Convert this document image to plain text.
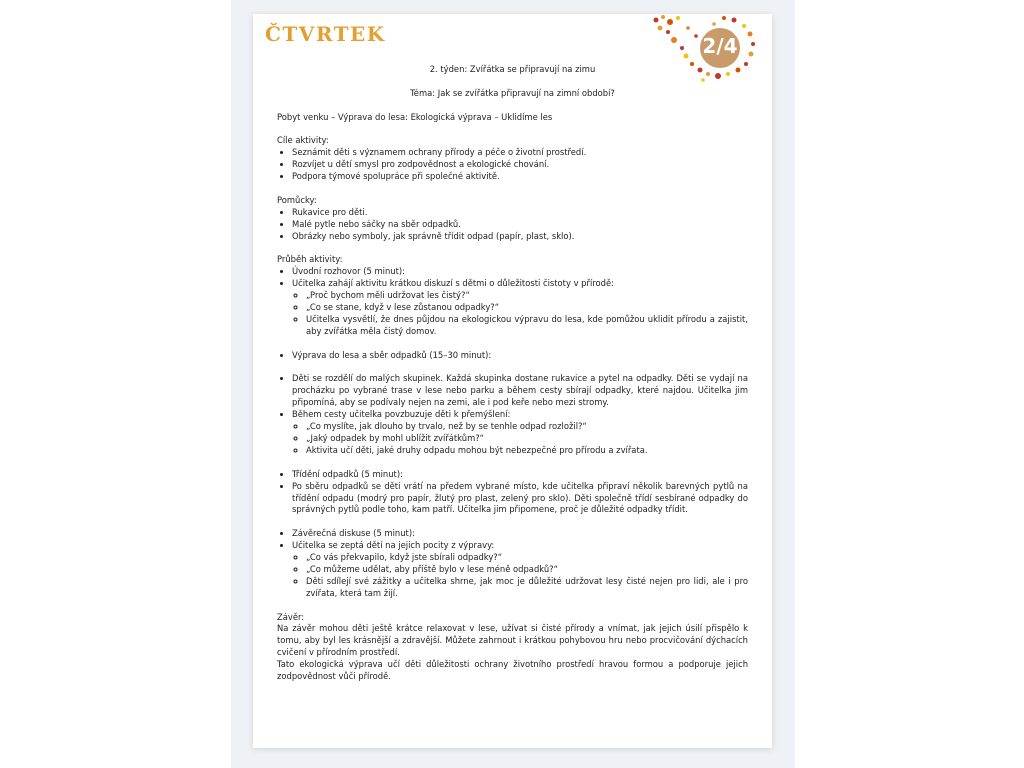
ČTVRTEK	2/4

2. týden: Zvířátka se připravují na zimu

Téma: Jak se zvířátka připravují na zimní období?

Pobyt venku – Výprava do lesa: Ekologická výprava – Uklidíme les

Cíle aktivity:

• Seznámit děti s významem ochrany přírody a péče o životní prostředí.
• Rozvíjet u dětí smysl pro zodpovědnost a ekologické chování.
• Podpora týmové spolupráce při společné aktivitě.

Pomůcky:

• Rukavice pro děti.
• Malé pytle nebo sáčky na sběr odpadků.
• Obrázky nebo symboly, jak správně třídit odpad (papír, plast, sklo).

Průběh aktivity:

• Úvodní rozhovor (5 minut):
• Učitelka zahájí aktivitu krátkou diskuzí s dětmi o důležitosti čistoty v přírodě:
◦ „Proč bychom měli udržovat les čistý?“
◦ „Co se stane, když v lese zůstanou odpadky?“
◦ Učitelka vysvětlí, že dnes půjdou na ekologickou výpravu do lesa, kde pomůžou uklidit přírodu a zajistit, aby zvířátka měla čistý domov.
• Výprava do lesa a sběr odpadků (15–30 minut):
• Děti se rozdělí do malých skupinek. Každá skupinka dostane rukavice a pytel na odpadky. Děti se vydají na procházku po vybrané trase v lese nebo parku a během cesty sbírají odpadky, které najdou. Učitelka jim připomíná, aby se podívaly nejen na zemi, ale i pod keře nebo mezi stromy.
• Během cesty učitelka povzbuzuje děti k přemýšlení:
◦ „Co myslíte, jak dlouho by trvalo, než by se tenhle odpad rozložil?“
◦ „Jaký odpadek by mohl ublížit zvířátkům?“
◦ Aktivita učí děti, jaké druhy odpadu mohou být nebezpečné pro přírodu a zvířata.
• Třídění odpadků (5 minut):
• Po sběru odpadků se děti vrátí na předem vybrané místo, kde učitelka připraví několik barevných pytlů na třídění odpadu (modrý pro papír, žlutý pro plast, zelený pro sklo). Děti společně třídí sesbírané odpadky do správných pytlů podle toho, kam patří. Učitelka jim připomene, proč je důležité odpadky třídit.
• Závěrečná diskuse (5 minut):
• Učitelka se zeptá dětí na jejich pocity z výpravy:
◦ „Co vás překvapilo, když jste sbírali odpadky?“
◦ „Co můžeme udělat, aby příště bylo v lese méně odpadků?“
◦ Děti sdílejí své zážitky a učitelka shrne, jak moc je důležité udržovat lesy čisté nejen pro lidi, ale i pro zvířata, která tam žijí.

Závěr:

Na závěr mohou děti ještě krátce relaxovat v lese, užívat si čisté přírody a vnímat, jak jejich úsilí přispělo k tomu, aby byl les krásnější a zdravější. Můžete zahrnout i krátkou pohybovou hru nebo procvičování dýchacích cvičení v přírodním prostředí.

Tato ekologická výprava učí děti důležitosti ochrany životního prostředí hravou formou a podporuje jejich zodpovědnost vůči přírodě.
